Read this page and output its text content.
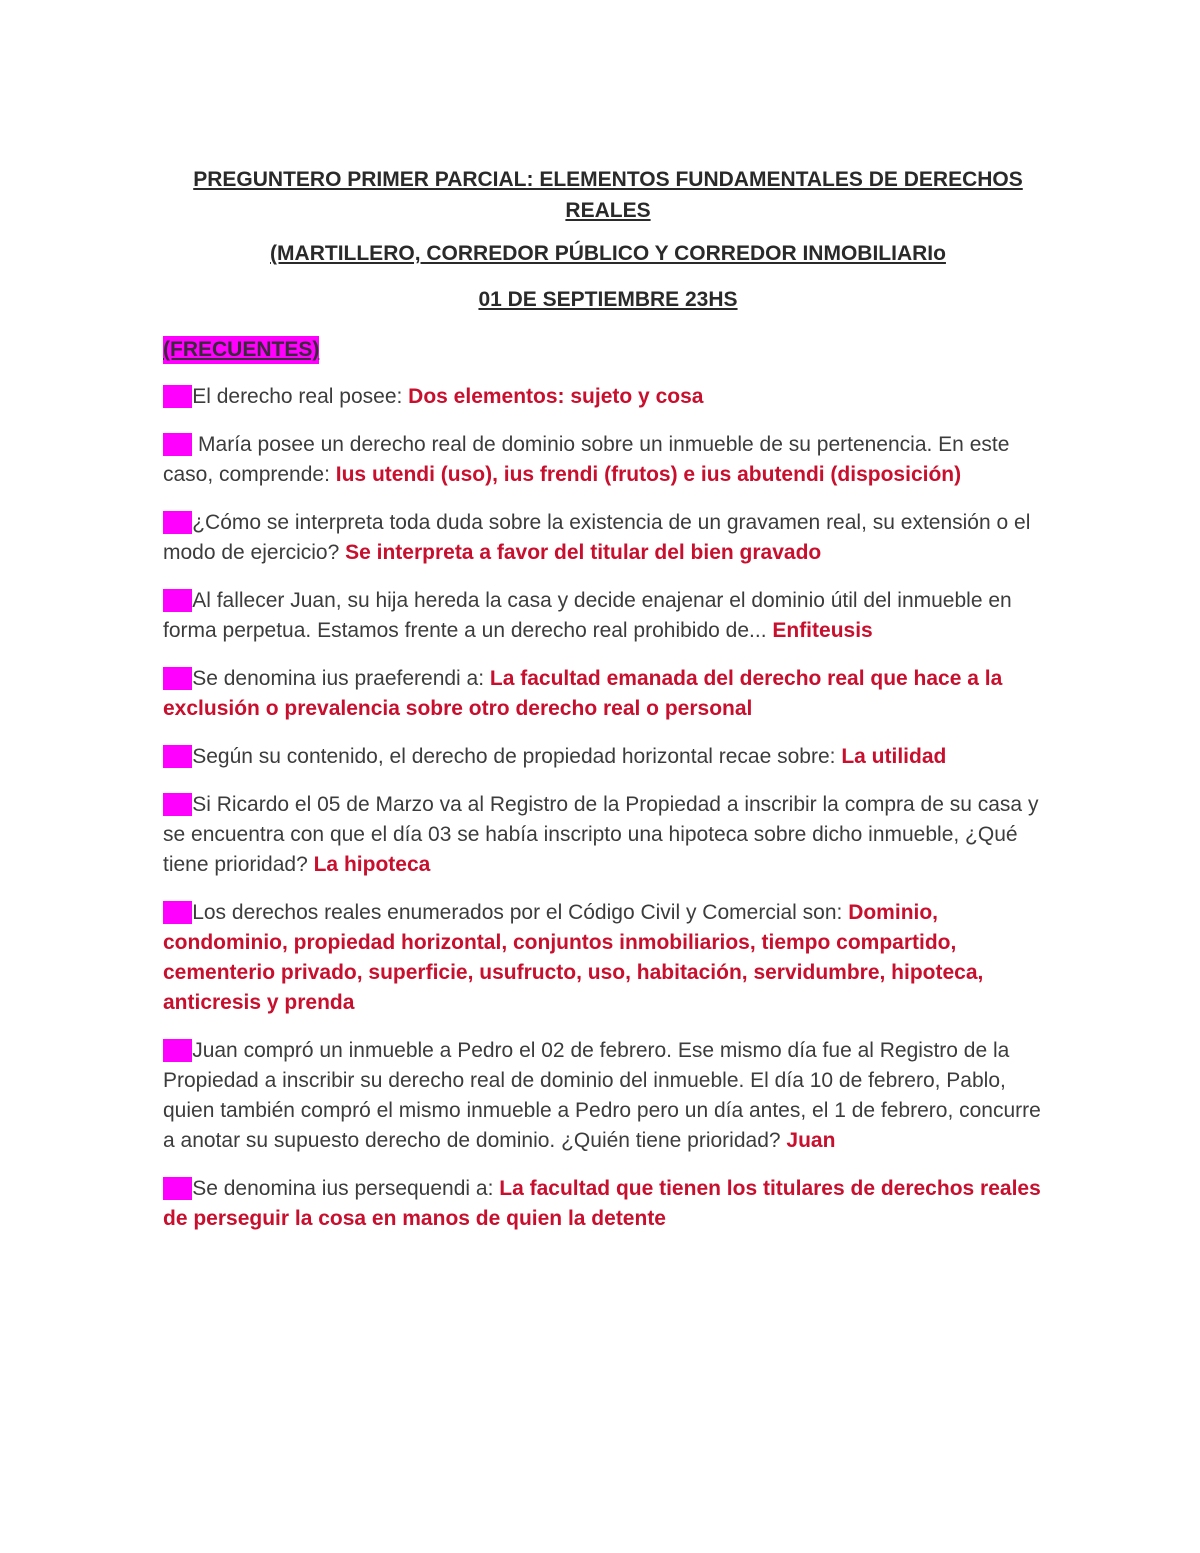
PREGUNTERO PRIMER PARCIAL: ELEMENTOS FUNDAMENTALES DE DERECHOS REALES

(MARTILLERO, CORREDOR PÚBLICO Y CORREDOR INMOBILIARIo

01 DE SEPTIEMBRE 23HS

(FRECUENTES)

1.1El derecho real posee: Dos elementos: sujeto y cosa

1.1 María posee un derecho real de dominio sobre un inmueble de su pertenencia. En este caso, comprende: Ius utendi (uso), ius frendi (frutos) e ius abutendi (disposición)

1.1¿Cómo se interpreta toda duda sobre la existencia de un gravamen real, su extensión o el modo de ejercicio? Se interpreta a favor del titular del bien gravado

1.1Al fallecer Juan, su hija hereda la casa y decide enajenar el dominio útil del inmueble en forma perpetua. Estamos frente a un derecho real prohibido de... Enfiteusis

1.1Se denomina ius praeferendi a: La facultad emanada del derecho real que hace a la exclusión o prevalencia sobre otro derecho real o personal

1.1Según su contenido, el derecho de propiedad horizontal recae sobre: La utilidad

1.1Si Ricardo el 05 de Marzo va al Registro de la Propiedad a inscribir la compra de su casa y se encuentra con que el día 03 se había inscripto una hipoteca sobre dicho inmueble, ¿Qué tiene prioridad? La hipoteca

1.1Los derechos reales enumerados por el Código Civil y Comercial son: Dominio, condominio, propiedad horizontal, conjuntos inmobiliarios, tiempo compartido, cementerio privado, superficie, usufructo, uso, habitación, servidumbre, hipoteca, anticresis y prenda

1.1Juan compró un inmueble a Pedro el 02 de febrero. Ese mismo día fue al Registro de la Propiedad a inscribir su derecho real de dominio del inmueble. El día 10 de febrero, Pablo, quien también compró el mismo inmueble a Pedro pero un día antes, el 1 de febrero, concurre a anotar su supuesto derecho de dominio. ¿Quién tiene prioridad? Juan

1.1Se denomina ius persequendi a: La facultad que tienen los titulares de derechos reales de perseguir la cosa en manos de quien la detente
